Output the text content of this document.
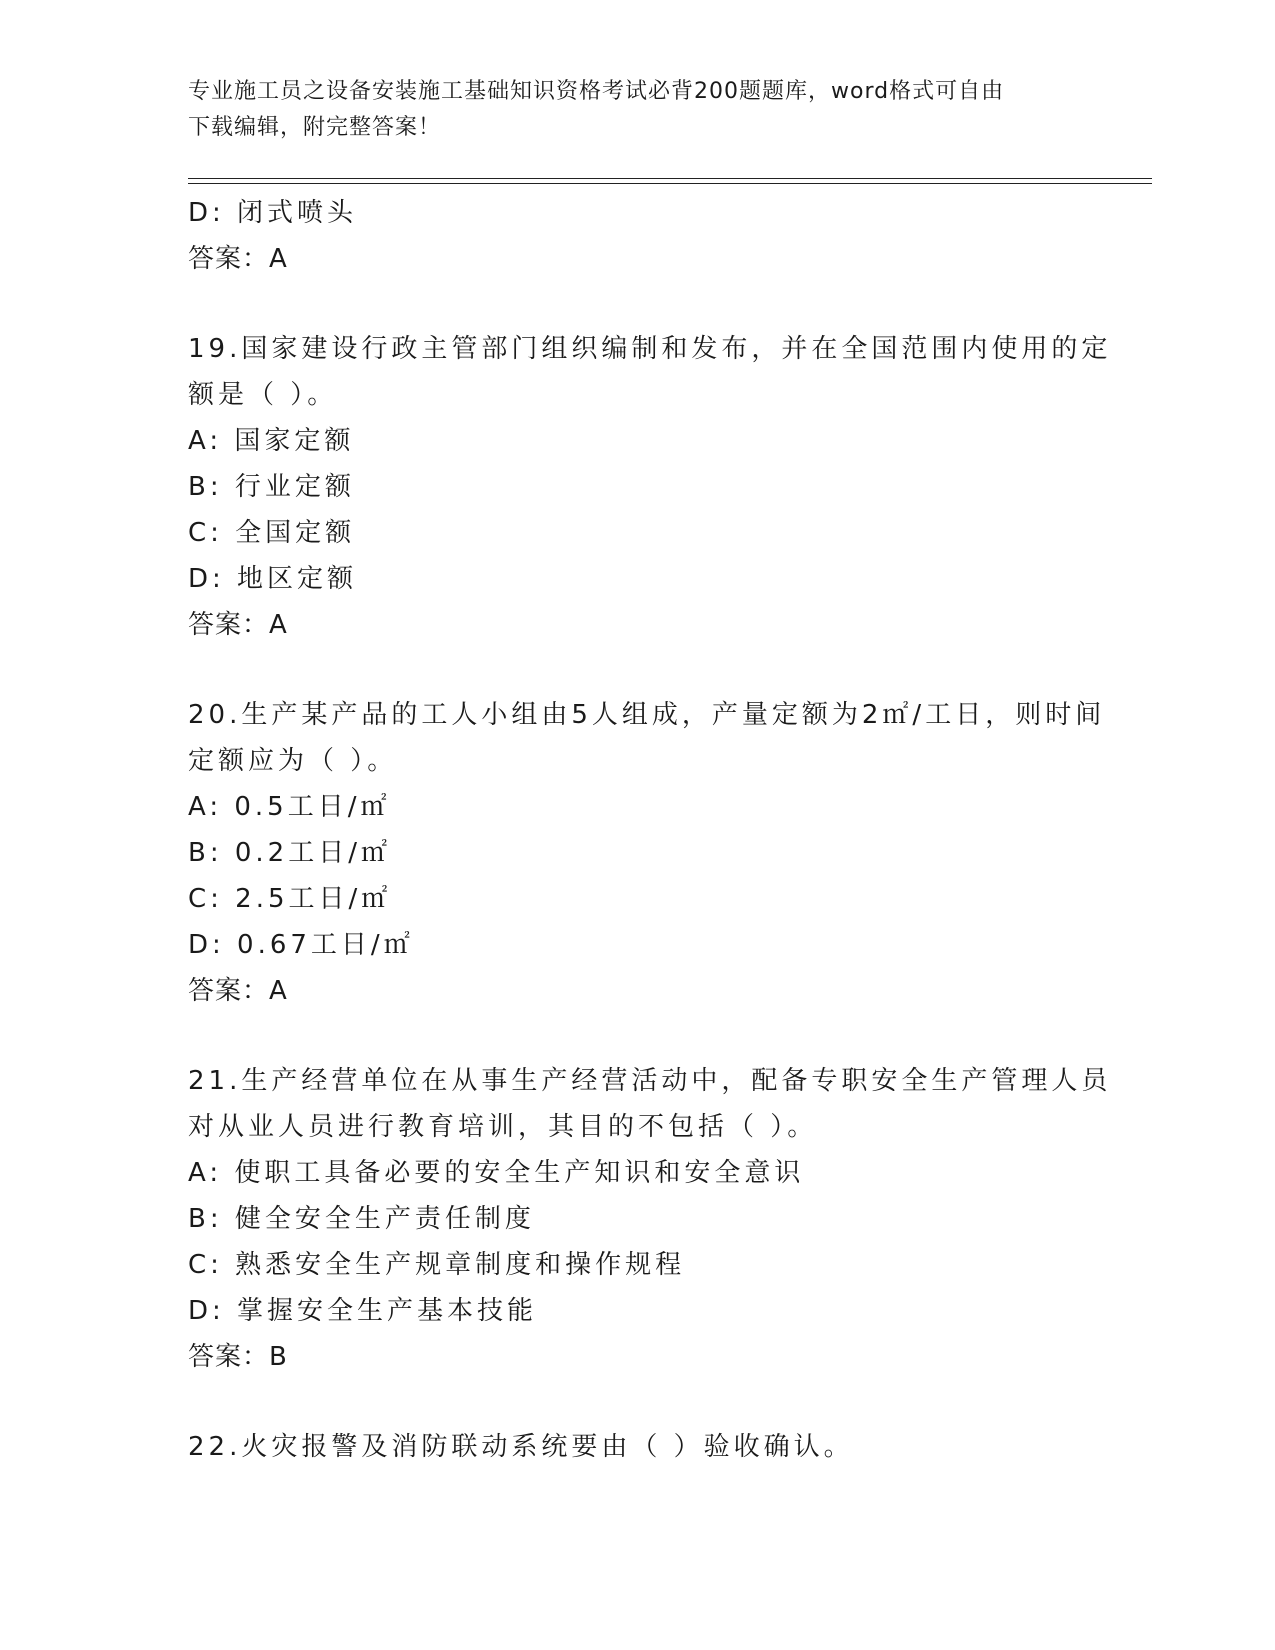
专业施工员之设备安装施工基础知识资格考试必背200题题库，word格式可自由
下载编辑，附完整答案！
D: 闭式喷头
答案：A
19.国家建设行政主管部门组织编制和发布，并在全国范围内使用的定
额是（ ）。
A: 国家定额
B: 行业定额
C: 全国定额
D: 地区定额
答案：A
20.生产某产品的工人小组由5人组成，产量定额为2㎡/工日，则时间
定额应为（ ）。
A: 0.5工日/㎡
B: 0.2工日/㎡
C: 2.5工日/㎡
D: 0.67工日/㎡
答案：A
21.生产经营单位在从事生产经营活动中，配备专职安全生产管理人员
对从业人员进行教育培训，其目的不包括（ ）。
A: 使职工具备必要的安全生产知识和安全意识
B: 健全安全生产责任制度
C: 熟悉安全生产规章制度和操作规程
D: 掌握安全生产基本技能
答案：B
22.火灾报警及消防联动系统要由（ ）验收确认。
